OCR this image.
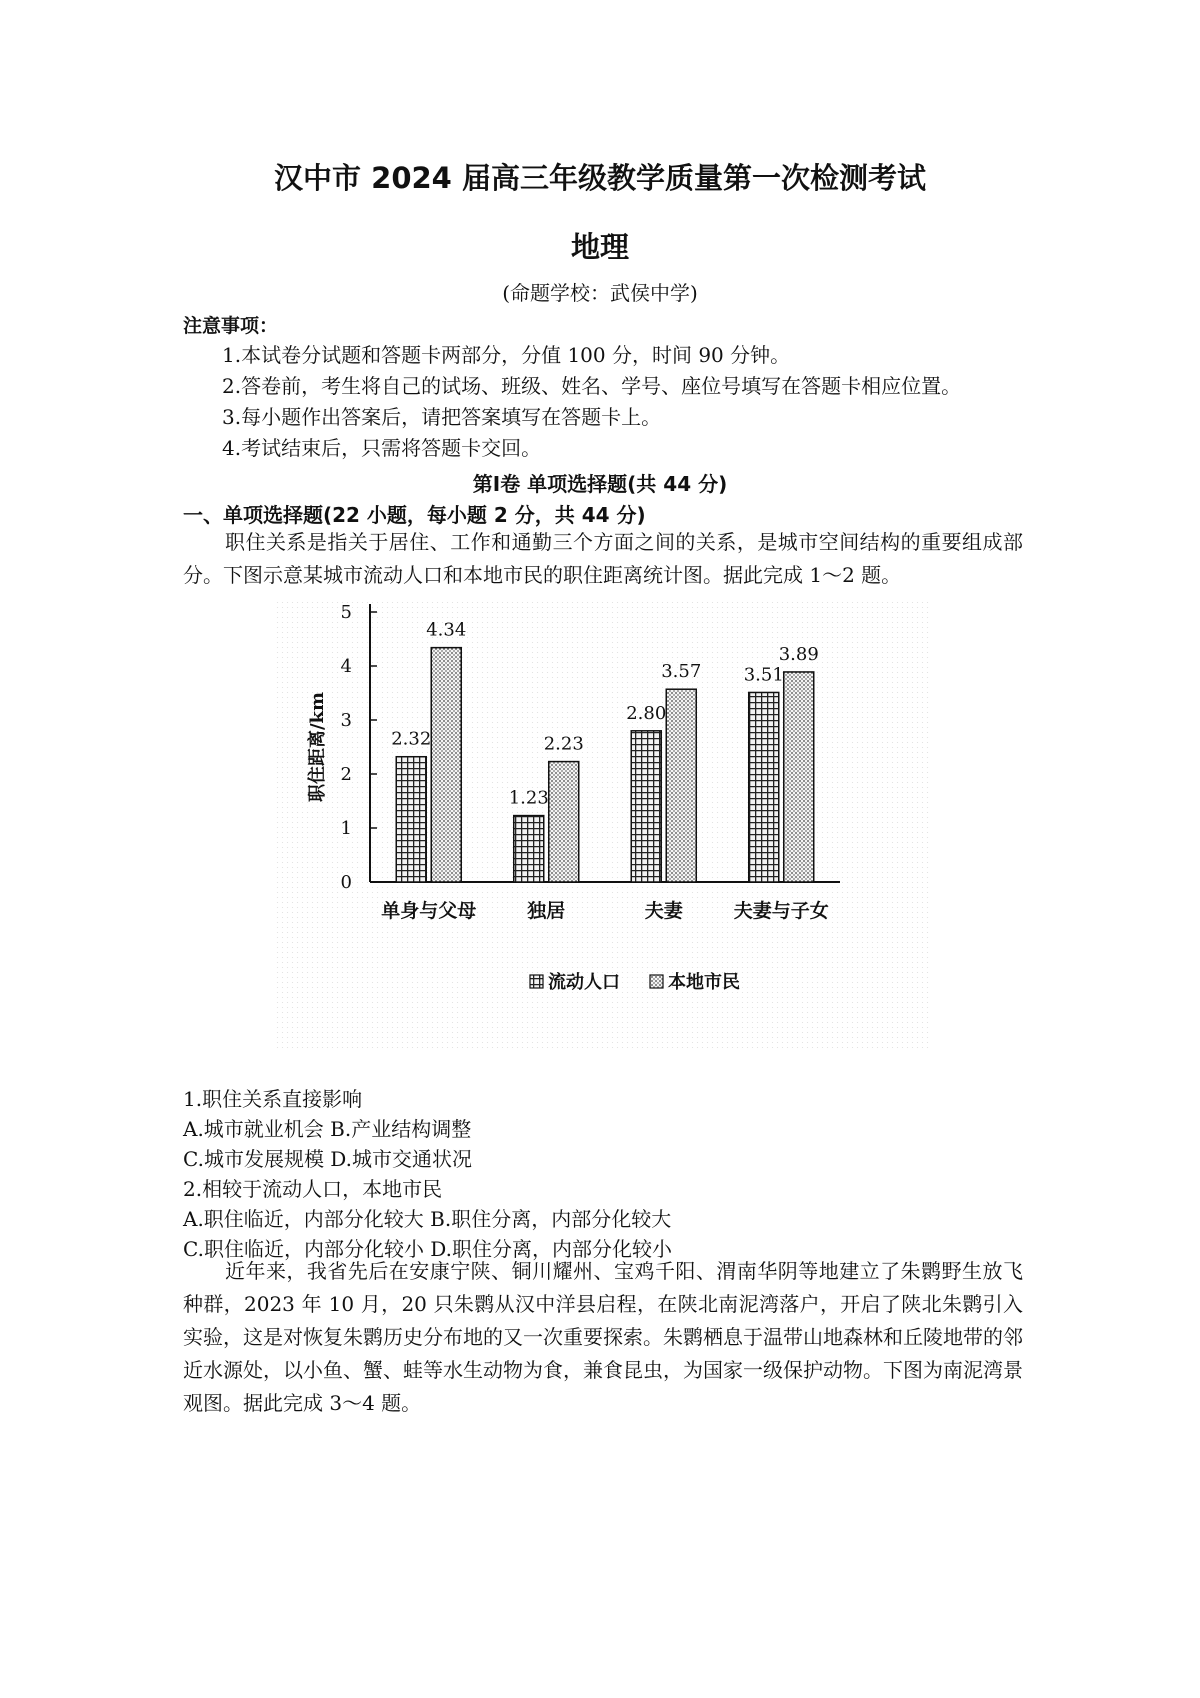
汉中市 2024 届高三年级教学质量第一次检测考试
地理
(命题学校：武侯中学)
注意事项：
1.本试卷分试题和答题卡两部分，分值 100 分，时间 90 分钟。
2.答卷前，考生将自己的试场、班级、姓名、学号、座位号填写在答题卡相应位置。
3.每小题作出答案后，请把答案填写在答题卡上。
4.考试结束后，只需将答题卡交回。
第Ⅰ卷 单项选择题(共 44 分)
一、单项选择题(22 小题，每小题 2 分，共 44 分)

职住关系是指关于居住、工作和通勤三个方面之间的关系，是城市空间结构的重要组成部分。下图示意某城市流动人口和本地市民的职住距离统计图。据此完成 1～2 题。

0
1
2
3
4
5
职住距离/km	2.32
4.34
单身与父母
1.23
2.23
独居
2.80
3.57
夫妻
3.51
3.89
夫妻与子女
流动人口	本地市民
1.职住关系直接影响
A.城市就业机会 B.产业结构调整
C.城市发展规模 D.城市交通状况
2.相较于流动人口，本地市民
A.职住临近，内部分化较大 B.职住分离，内部分化较大
C.职住临近，内部分化较小 D.职住分离，内部分化较小

近年来，我省先后在安康宁陕、铜川耀州、宝鸡千阳、渭南华阴等地建立了朱鹮野生放飞种群，2023 年 10 月，20 只朱鹮从汉中洋县启程，在陕北南泥湾落户，开启了陕北朱鹮引入实验，这是对恢复朱鹮历史分布地的又一次重要探索。朱鹮栖息于温带山地森林和丘陵地带的邻近水源处，以小鱼、蟹、蛙等水生动物为食，兼食昆虫，为国家一级保护动物。下图为南泥湾景观图。据此完成 3～4 题。
